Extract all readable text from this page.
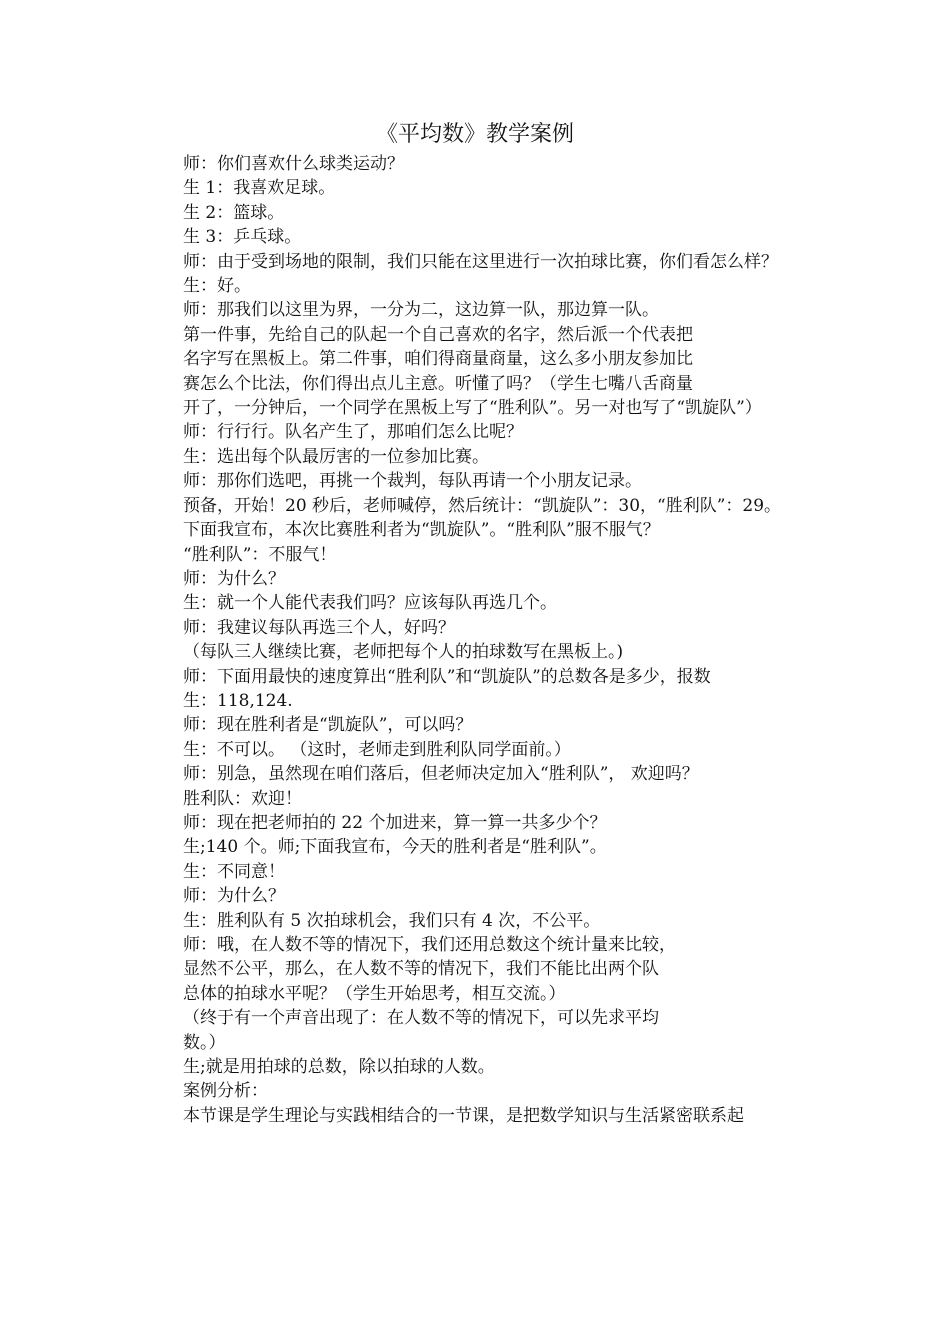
《平均数》教学案例

师：你们喜欢什么球类运动？

生 1：我喜欢足球。

生 2：篮球。

生 3：乒乓球。

师：由于受到场地的限制，我们只能在这里进行一次拍球比赛，你们看怎么样？

生：好。

师：那我们以这里为界，一分为二，这边算一队，那边算一队。

第一件事，先给自己的队起一个自己喜欢的名字，然后派一个代表把

名字写在黑板上。第二件事，咱们得商量商量，这么多小朋友参加比

赛怎么个比法，你们得出点儿主意。听懂了吗？（学生七嘴八舌商量

开了，一分钟后，一个同学在黑板上写了“胜利队”。另一对也写了“凯旋队”）

师：行行行。队名产生了，那咱们怎么比呢？

生：选出每个队最厉害的一位参加比赛。

师：那你们选吧，再挑一个裁判，每队再请一个小朋友记录。

预备，开始！20 秒后，老师喊停，然后统计：“凯旋队”：30，“胜利队”：29。

下面我宣布，本次比赛胜利者为“凯旋队”。“胜利队”服不服气？

“胜利队”：不服气！

师：为什么？

生：就一个人能代表我们吗？应该每队再选几个。

师：我建议每队再选三个人，好吗？

（每队三人继续比赛，老师把每个人的拍球数写在黑板上。)

师：下面用最快的速度算出“胜利队”和“凯旋队”的总数各是多少，报数

生：118,124.

师：现在胜利者是“凯旋队”，可以吗？

生：不可以。 （这时，老师走到胜利队同学面前。）

师：别急，虽然现在咱们落后，但老师决定加入“胜利队”， 欢迎吗？

胜利队：欢迎！

师：现在把老师拍的 22 个加进来，算一算一共多少个？

生;140 个。师;下面我宣布，今天的胜利者是“胜利队”。

生：不同意！

师：为什么？

生：胜利队有 5 次拍球机会，我们只有 4 次，不公平。

师：哦，在人数不等的情况下，我们还用总数这个统计量来比较，

显然不公平，那么，在人数不等的情况下，我们不能比出两个队

总体的拍球水平呢？（学生开始思考，相互交流。）

（终于有一个声音出现了：在人数不等的情况下，可以先求平均

数。）

生;就是用拍球的总数，除以拍球的人数。

案例分析：

本节课是学生理论与实践相结合的一节课，是把数学知识与生活紧密联系起
